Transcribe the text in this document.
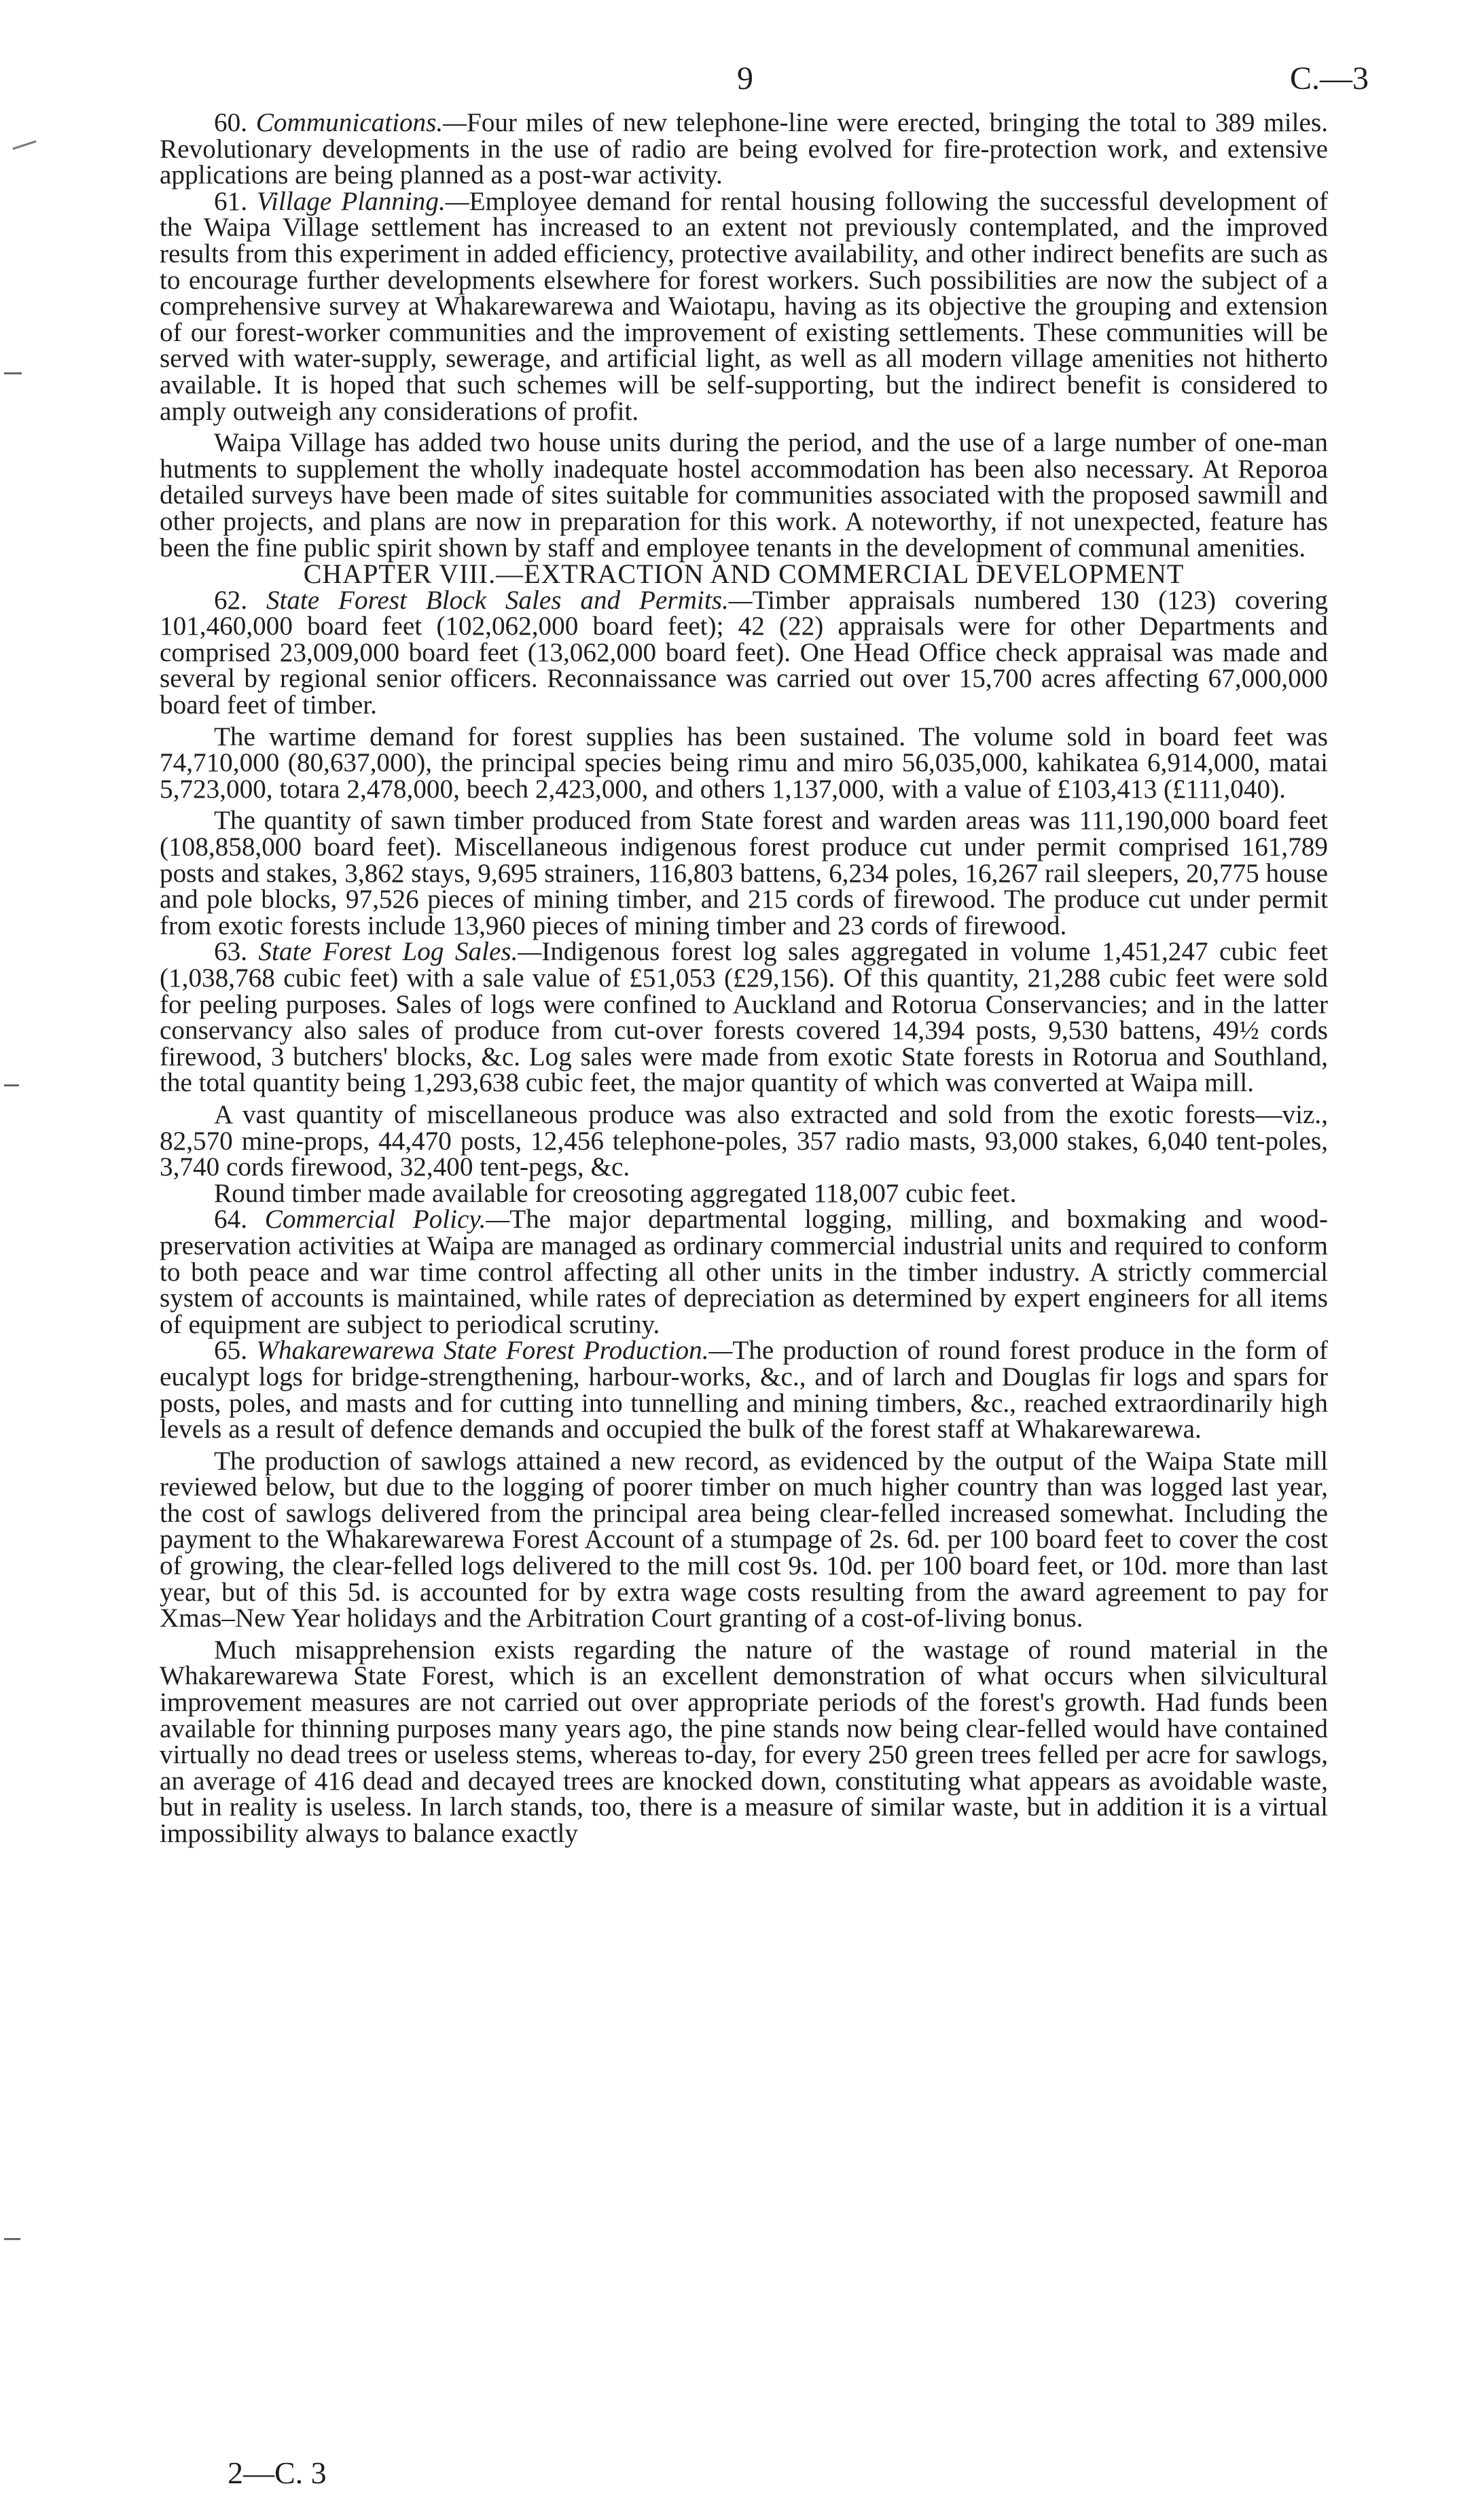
9	C.—3

60. Communications.—Four miles of new telephone-line were erected, bringing the total to 389 miles. Revolutionary developments in the use of radio are being evolved for fire-protection work, and extensive applications are being planned as a post-war activity.

61. Village Planning.—Employee demand for rental housing following the successful development of the Waipa Village settlement has increased to an extent not previously contemplated, and the improved results from this experiment in added efficiency, protective availability, and other indirect benefits are such as to encourage further developments elsewhere for forest workers. Such possibilities are now the subject of a comprehensive survey at Whakarewarewa and Waiotapu, having as its objective the grouping and extension of our forest-worker communities and the improvement of existing settlements. These communities will be served with water-supply, sewerage, and artificial light, as well as all modern village amenities not hitherto available. It is hoped that such schemes will be self-supporting, but the indirect benefit is considered to amply outweigh any considerations of profit.

Waipa Village has added two house units during the period, and the use of a large number of one-man hutments to supplement the wholly inadequate hostel accommodation has been also necessary. At Reporoa detailed surveys have been made of sites suitable for communities associated with the proposed sawmill and other projects, and plans are now in preparation for this work. A noteworthy, if not unexpected, feature has been the fine public spirit shown by staff and employee tenants in the development of communal amenities.

CHAPTER VIII.—EXTRACTION AND COMMERCIAL DEVELOPMENT

62. State Forest Block Sales and Permits.—Timber appraisals numbered 130 (123) covering 101,460,000 board feet (102,062,000 board feet); 42 (22) appraisals were for other Departments and comprised 23,009,000 board feet (13,062,000 board feet). One Head Office check appraisal was made and several by regional senior officers. Reconnaissance was carried out over 15,700 acres affecting 67,000,000 board feet of timber.

The wartime demand for forest supplies has been sustained. The volume sold in board feet was 74,710,000 (80,637,000), the principal species being rimu and miro 56,035,000, kahikatea 6,914,000, matai 5,723,000, totara 2,478,000, beech 2,423,000, and others 1,137,000, with a value of £103,413 (£111,040).

The quantity of sawn timber produced from State forest and warden areas was 111,190,000 board feet (108,858,000 board feet). Miscellaneous indigenous forest produce cut under permit comprised 161,789 posts and stakes, 3,862 stays, 9,695 strainers, 116,803 battens, 6,234 poles, 16,267 rail sleepers, 20,775 house and pole blocks, 97,526 pieces of mining timber, and 215 cords of firewood. The produce cut under permit from exotic forests include 13,960 pieces of mining timber and 23 cords of firewood.

63. State Forest Log Sales.—Indigenous forest log sales aggregated in volume 1,451,247 cubic feet (1,038,768 cubic feet) with a sale value of £51,053 (£29,156). Of this quantity, 21,288 cubic feet were sold for peeling purposes. Sales of logs were confined to Auckland and Rotorua Conservancies; and in the latter conservancy also sales of produce from cut-over forests covered 14,394 posts, 9,530 battens, 49½ cords firewood, 3 butchers' blocks, &c. Log sales were made from exotic State forests in Rotorua and Southland, the total quantity being 1,293,638 cubic feet, the major quantity of which was converted at Waipa mill.

A vast quantity of miscellaneous produce was also extracted and sold from the exotic forests—viz., 82,570 mine-props, 44,470 posts, 12,456 telephone-poles, 357 radio masts, 93,000 stakes, 6,040 tent-poles, 3,740 cords firewood, 32,400 tent-pegs, &c.

Round timber made available for creosoting aggregated 118,007 cubic feet.

64. Commercial Policy.—The major departmental logging, milling, and boxmaking and wood-preservation activities at Waipa are managed as ordinary commercial industrial units and required to conform to both peace and war time control affecting all other units in the timber industry. A strictly commercial system of accounts is maintained, while rates of depreciation as determined by expert engineers for all items of equipment are subject to periodical scrutiny.

65. Whakarewarewa State Forest Production.—The production of round forest produce in the form of eucalypt logs for bridge-strengthening, harbour-works, &c., and of larch and Douglas fir logs and spars for posts, poles, and masts and for cutting into tunnelling and mining timbers, &c., reached extraordinarily high levels as a result of defence demands and occupied the bulk of the forest staff at Whakarewarewa.

The production of sawlogs attained a new record, as evidenced by the output of the Waipa State mill reviewed below, but due to the logging of poorer timber on much higher country than was logged last year, the cost of sawlogs delivered from the principal area being clear-felled increased somewhat. Including the payment to the Whakarewarewa Forest Account of a stumpage of 2s. 6d. per 100 board feet to cover the cost of growing, the clear-felled logs delivered to the mill cost 9s. 10d. per 100 board feet, or 10d. more than last year, but of this 5d. is accounted for by extra wage costs resulting from the award agreement to pay for Xmas–New Year holidays and the Arbitration Court granting of a cost-of-living bonus.

Much misapprehension exists regarding the nature of the wastage of round material in the Whakarewarewa State Forest, which is an excellent demonstration of what occurs when silvicultural improvement measures are not carried out over appropriate periods of the forest's growth. Had funds been available for thinning purposes many years ago, the pine stands now being clear-felled would have contained virtually no dead trees or useless stems, whereas to-day, for every 250 green trees felled per acre for sawlogs, an average of 416 dead and decayed trees are knocked down, constituting what appears as avoidable waste, but in reality is useless. In larch stands, too, there is a measure of similar waste, but in addition it is a virtual impossibility always to balance exactly

2—C. 3
